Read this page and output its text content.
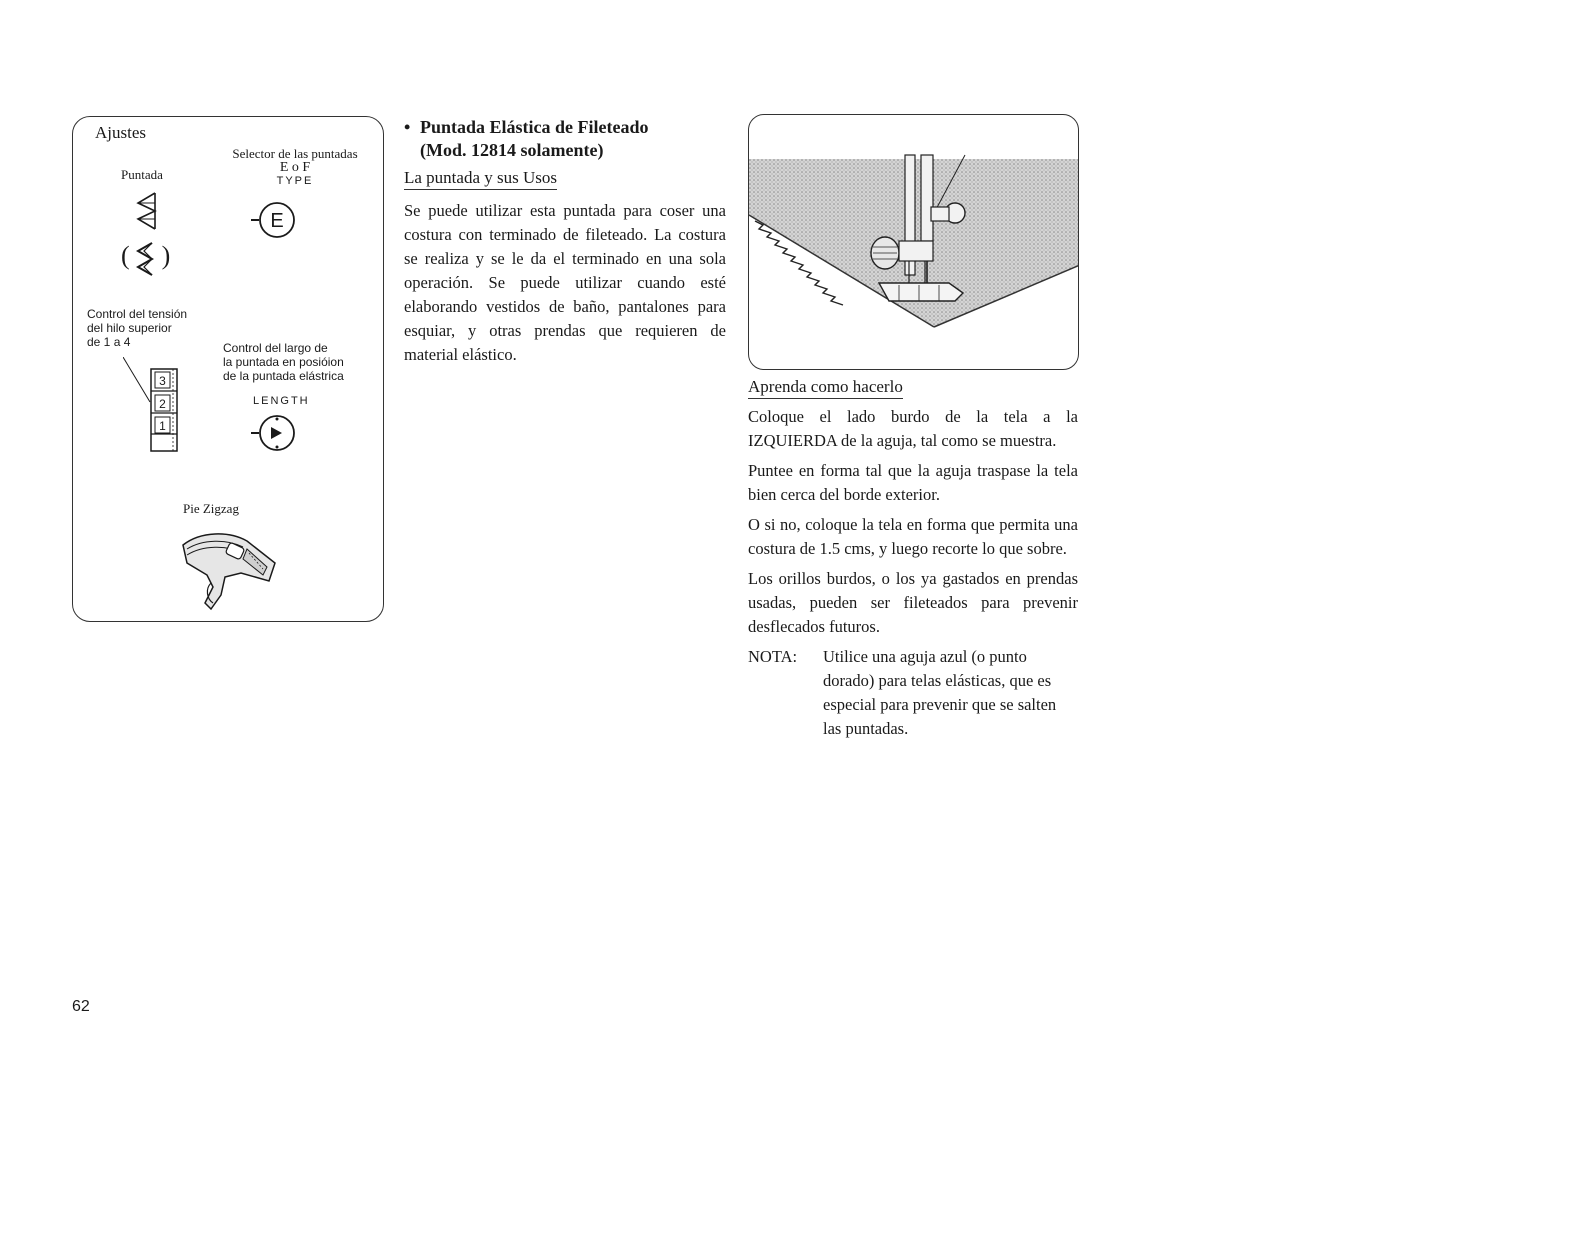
Ajustes
Puntada
Selector de las puntadas
E o F
TYPE
( )
E
Control del tensión
del hilo superior
de 1 a 4
3
2
1
Control del largo de
la puntada en posióion
de la puntada elástrica
LENGTH
Pie Zigzag
• Puntada Elástica de Fileteado
(Mod. 12814 solamente)
La puntada y sus Usos

Se puede utilizar esta puntada para coser una costura con terminado de fileteado. La costura se realiza y se le da el terminado en una sola operación. Se puede utilizar cuando esté elaborando vestidos de baño, pantalones para esquiar, y otras prendas que requieren de material elástico.

Aprenda como hacerlo

Coloque el lado burdo de la tela a la IZQUIERDA de la aguja, tal como se muestra.

Puntee en forma tal que la aguja traspase la tela bien cerca del borde exterior.

O si no, coloque la tela en forma que permita una costura de 1.5 cms, y luego recorte lo que sobre.

Los orillos burdos, o los ya gastados en prendas usadas, pueden ser fileteados para prevenir desflecados futuros.

NOTA:	Utilice una aguja azul (o punto dorado) para telas elásticas, que es especial para prevenir que se salten las puntadas.
62
